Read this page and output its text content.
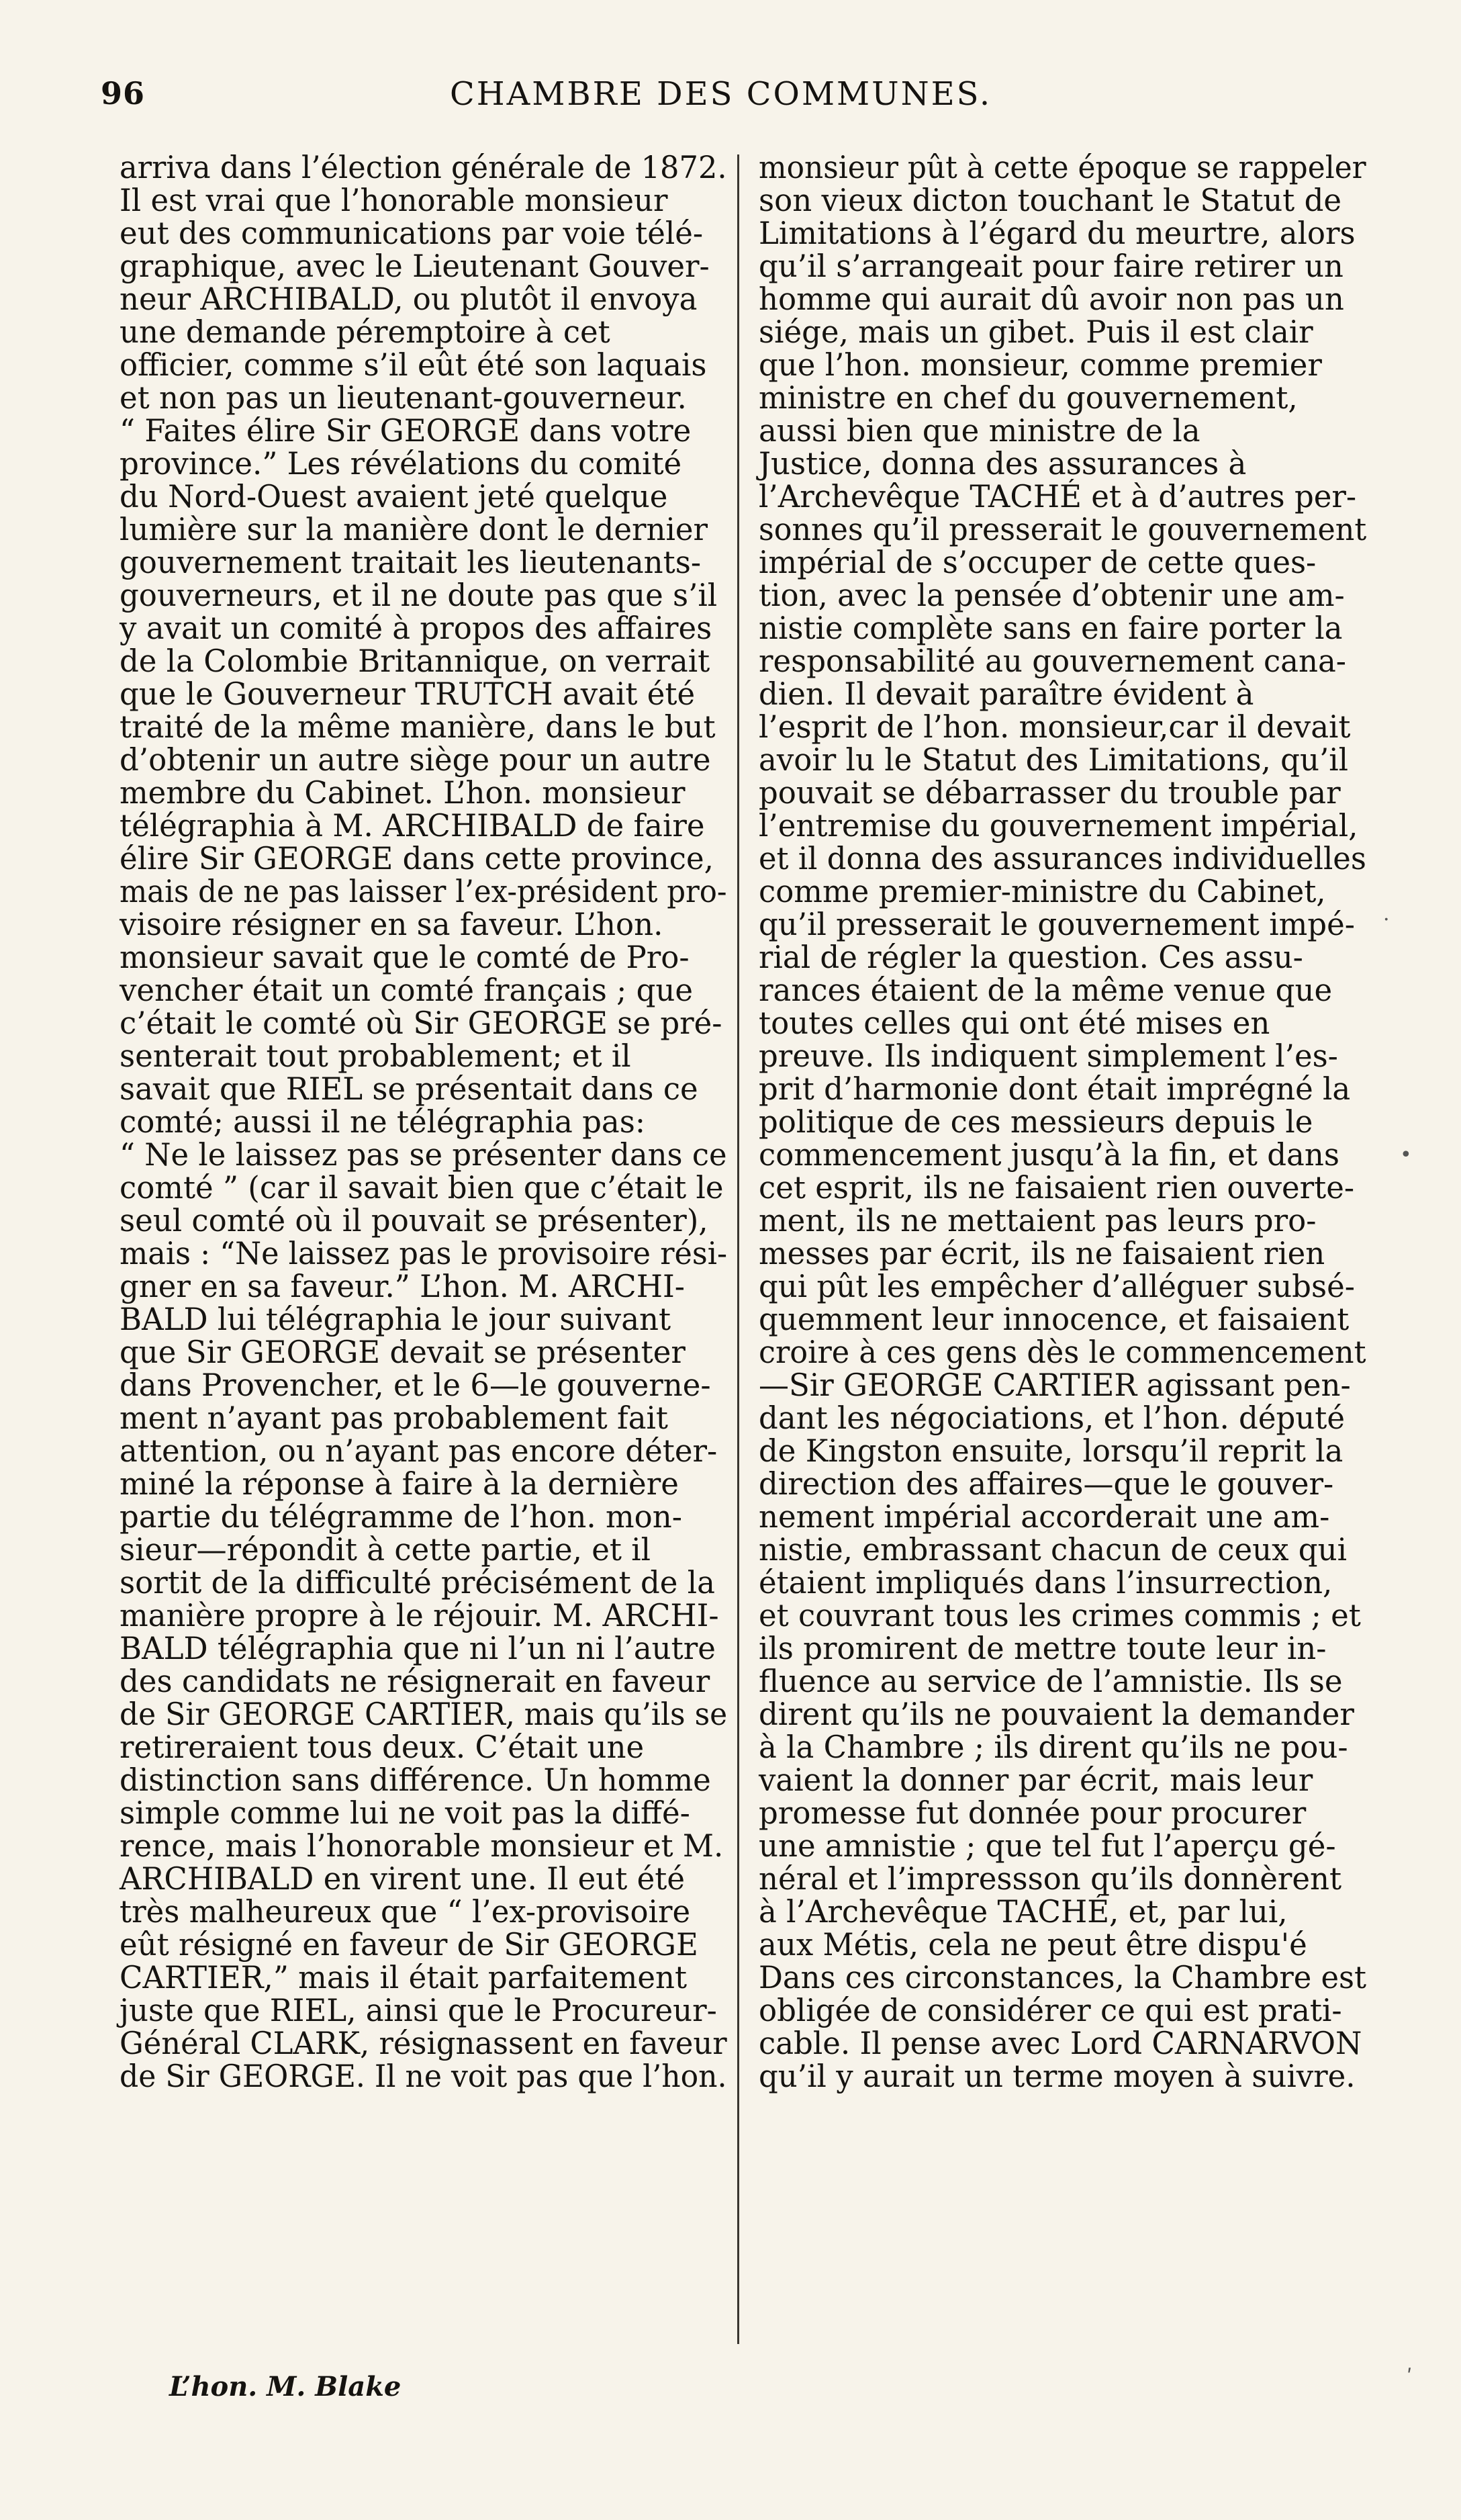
96	CHAMBRE DES COMMUNES.
arriva dans l’élection générale de 1872.
Il est vrai que l’honorable monsieur
eut des communications par voie télé-
graphique, avec le Lieutenant Gouver-
neur ARCHIBALD, ou plutôt il envoya
une demande péremptoire à cet
officier, comme s’il eût été son laquais
et non pas un lieutenant-gouverneur.
“ Faites élire Sir GEORGE dans votre
province.” Les révélations du comité
du Nord-Ouest avaient jeté quelque
lumière sur la manière dont le dernier
gouvernement traitait les lieutenants-
gouverneurs, et il ne doute pas que s’il
y avait un comité à propos des affaires
de la Colombie Britannique, on verrait
que le Gouverneur TRUTCH avait été
traité de la même manière, dans le but
d’obtenir un autre siège pour un autre
membre du Cabinet. L’hon. monsieur
télégraphia à M. ARCHIBALD de faire
élire Sir GEORGE dans cette province,
mais de ne pas laisser l’ex-président pro-
visoire résigner en sa faveur. L’hon.
monsieur savait que le comté de Pro-
vencher était un comté français ; que
c’était le comté où Sir GEORGE se pré-
senterait tout probablement; et il
savait que RIEL se présentait dans ce
comté; aussi il ne télégraphia pas:
“ Ne le laissez pas se présenter dans ce
comté ” (car il savait bien que c’était le
seul comté où il pouvait se présenter),
mais : “Ne laissez pas le provisoire rési-
gner en sa faveur.” L’hon. M. ARCHI-
BALD lui télégraphia le jour suivant
que Sir GEORGE devait se présenter
dans Provencher, et le 6—le gouverne-
ment n’ayant pas probablement fait
attention, ou n’ayant pas encore déter-
miné la réponse à faire à la dernière
partie du télégramme de l’hon. mon-
sieur—répondit à cette partie, et il
sortit de la difficulté précisément de la
manière propre à le réjouir. M. ARCHI-
BALD télégraphia que ni l’un ni l’autre
des candidats ne résignerait en faveur
de Sir GEORGE CARTIER, mais qu’ils se
retireraient tous deux. C’était une
distinction sans différence. Un homme
simple comme lui ne voit pas la diffé-
rence, mais l’honorable monsieur et M.
ARCHIBALD en virent une. Il eut été
très malheureux que “ l’ex-provisoire
eût résigné en faveur de Sir GEORGE
CARTIER,” mais il était parfaitement
juste que RIEL, ainsi que le Procureur-
Général CLARK, résignassent en faveur
de Sir GEORGE. Il ne voit pas que l’hon.
monsieur pût à cette époque se rappeler
son vieux dicton touchant le Statut de
Limitations à l’égard du meurtre, alors
qu’il s’arrangeait pour faire retirer un
homme qui aurait dû avoir non pas un
siége, mais un gibet. Puis il est clair
que l’hon. monsieur, comme premier
ministre en chef du gouvernement,
aussi bien que ministre de la
Justice, donna des assurances à
l’Archevêque TACHÉ et à d’autres per-
sonnes qu’il presserait le gouvernement
impérial de s’occuper de cette ques-
tion, avec la pensée d’obtenir une am-
nistie complète sans en faire porter la
responsabilité au gouvernement cana-
dien. Il devait paraître évident à
l’esprit de l’hon. monsieur,car il devait
avoir lu le Statut des Limitations, qu’il
pouvait se débarrasser du trouble par
l’entremise du gouvernement impérial,
et il donna des assurances individuelles
comme premier-ministre du Cabinet,
qu’il presserait le gouvernement impé-
rial de régler la question. Ces assu-
rances étaient de la même venue que
toutes celles qui ont été mises en
preuve. Ils indiquent simplement l’es-
prit d’harmonie dont était imprégné la
politique de ces messieurs depuis le
commencement jusqu’à la fin, et dans
cet esprit, ils ne faisaient rien ouverte-
ment, ils ne mettaient pas leurs pro-
messes par écrit, ils ne faisaient rien
qui pût les empêcher d’alléguer subsé-
quemment leur innocence, et faisaient
croire à ces gens dès le commencement
—Sir GEORGE CARTIER agissant pen-
dant les négociations, et l’hon. député
de Kingston ensuite, lorsqu’il reprit la
direction des affaires—que le gouver-
nement impérial accorderait une am-
nistie, embrassant chacun de ceux qui
étaient impliqués dans l’insurrection,
et couvrant tous les crimes commis ; et
ils promirent de mettre toute leur in-
fluence au service de l’amnistie. Ils se
dirent qu’ils ne pouvaient la demander
à la Chambre ; ils dirent qu’ils ne pou-
vaient la donner par écrit, mais leur
promesse fut donnée pour procurer
une amnistie ; que tel fut l’aperçu gé-
néral et l’impressson qu’ils donnèrent
à l’Archevêque TACHÉ, et, par lui,
aux Métis, cela ne peut être dispu'é
Dans ces circonstances, la Chambre est
obligée de considérer ce qui est prati-
cable. Il pense avec Lord CARNARVON
qu’il y aurait un terme moyen à suivre.
L’hon. M. Blake
•
·
ʹ
